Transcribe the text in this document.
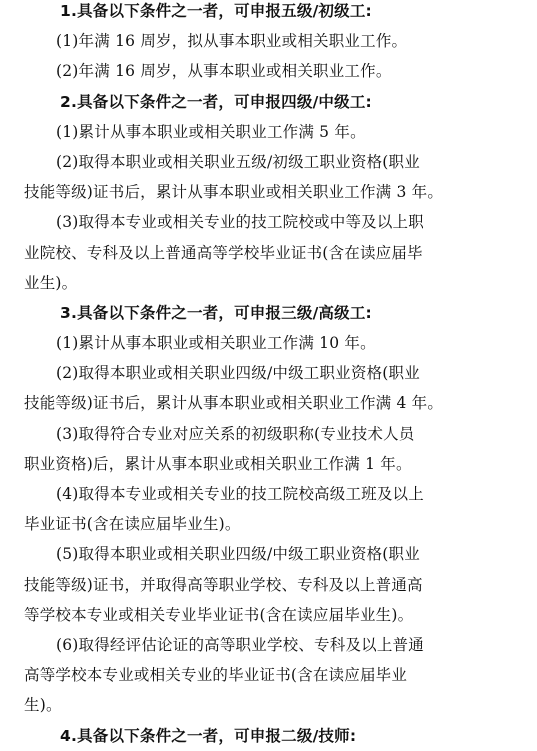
1.具备以下条件之一者，可申报五级/初级工:
(1)年满 16 周岁，拟从事本职业或相关职业工作。
(2)年满 16 周岁，从事本职业或相关职业工作。
2.具备以下条件之一者，可申报四级/中级工:
(1)累计从事本职业或相关职业工作满 5 年。
(2)取得本职业或相关职业五级/初级工职业资格(职业
技能等级)证书后，累计从事本职业或相关职业工作满 3 年。
(3)取得本专业或相关专业的技工院校或中等及以上职
业院校、专科及以上普通高等学校毕业证书(含在读应届毕
业生)。
3.具备以下条件之一者，可申报三级/高级工:
(1)累计从事本职业或相关职业工作满 10 年。
(2)取得本职业或相关职业四级/中级工职业资格(职业
技能等级)证书后，累计从事本职业或相关职业工作满 4 年。
(3)取得符合专业对应关系的初级职称(专业技术人员
职业资格)后，累计从事本职业或相关职业工作满 1 年。
(4)取得本专业或相关专业的技工院校高级工班及以上
毕业证书(含在读应届毕业生)。
(5)取得本职业或相关职业四级/中级工职业资格(职业
技能等级)证书，并取得高等职业学校、专科及以上普通高
等学校本专业或相关专业毕业证书(含在读应届毕业生)。
(6)取得经评估论证的高等职业学校、专科及以上普通
高等学校本专业或相关专业的毕业证书(含在读应届毕业
生)。
4.具备以下条件之一者，可申报二级/技师:
